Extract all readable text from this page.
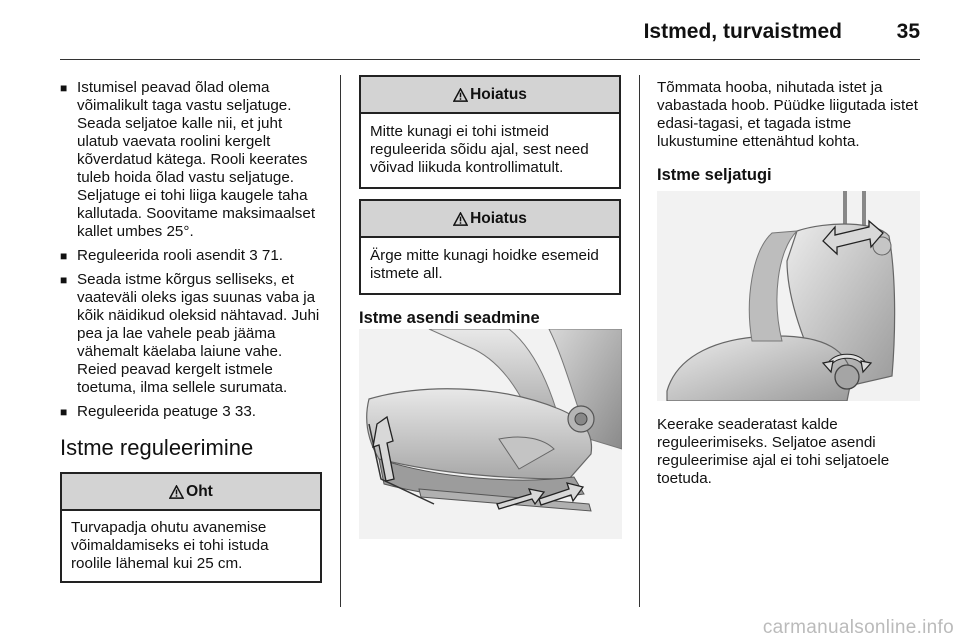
Istmed, turvaistmed	35
■ Istumisel peavad õlad olema võimalikult taga vastu seljatuge. Seada seljatoe kalle nii, et juht ulatub vaevata roolini kergelt kõverdatud kätega. Rooli keerates tuleb hoida õlad vastu seljatuge. Seljatuge ei tohi liiga kaugele taha kallutada. Soovitame maksimaalset kallet umbes 25°.
■ Reguleerida rooli asendit 3 71.
■ Seada istme kõrgus selliseks, et vaateväli oleks igas suunas vaba ja kõik näidikud oleksid nähtavad. Juhi pea ja lae vahele peab jääma vähemalt käelaba laiune vahe. Reied peavad kergelt istmele toetuma, ilma sellele surumata.
■ Reguleerida peatuge 3 33.
Istme reguleerimine
Oht
Turvapadja ohutu avanemise võimaldamiseks ei tohi istuda roolile lähemal kui 25 cm.
Hoiatus
Mitte kunagi ei tohi istmeid reguleerida sõidu ajal, sest need võivad liikuda kontrollimatult.
Hoiatus
Ärge mitte kunagi hoidke esemeid istmete all.
Istme asendi seadmine

Tõmmata hooba, nihutada istet ja vabastada hoob. Püüdke liigutada istet edasi-tagasi, et tagada istme lukustumine ettenähtud kohta.

Istme seljatugi

Keerake seaderatast kalde reguleerimiseks. Seljatoe asendi reguleerimise ajal ei tohi seljatoele toetuda.

carmanualsonline.info
